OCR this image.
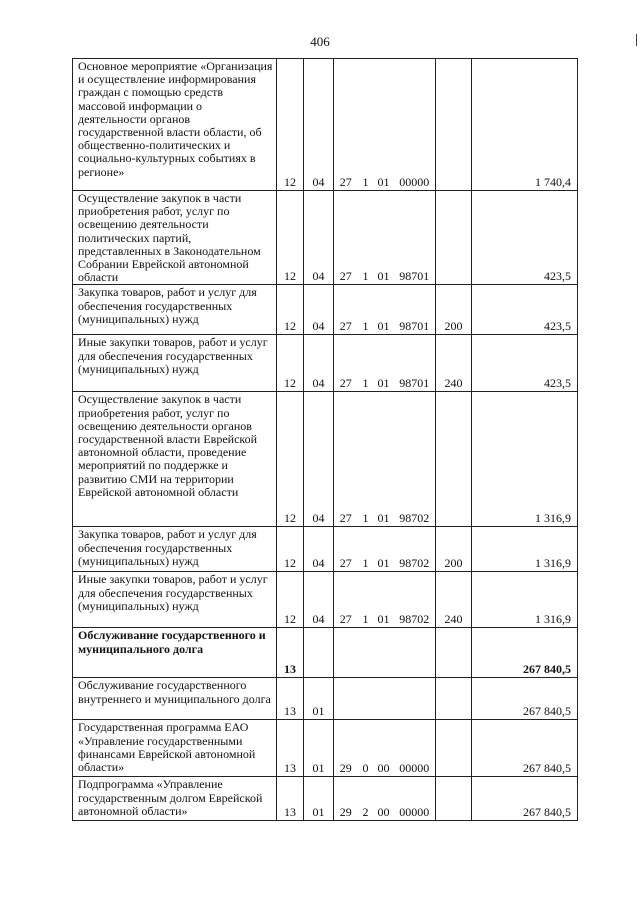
406
Основное мероприятие «Организация и осуществление информирования граждан с помощью средств массовой информации о деятельности органов государственной власти области, об общественно-политических и социально-культурных событиях в регионе»	12	04	27	1	01	00000		1 740,4

Осуществление закупок в части приобретения работ, услуг по освещению деятельности политических партий, представленных в Законодательном Собрании Еврейской автономной области	12	04	27	1	01	98701		423,5

Закупка товаров, работ и услуг для обеспечения государственных (муниципальных) нужд	12	04	27	1	01	98701	200	423,5

Иные закупки товаров, работ и услуг для обеспечения государственных (муниципальных) нужд	12	04	27	1	01	98701	240	423,5

Осуществление закупок в части приобретения работ, услуг по освещению деятельности органов государственной власти Еврейской автономной области, проведение мероприятий по поддержке и развитию СМИ на территории Еврейской автономной области	12	04	27	1	01	98702		1 316,9

Закупка товаров, работ и услуг для обеспечения государственных (муниципальных) нужд	12	04	27	1	01	98702	200	1 316,9

Иные закупки товаров, работ и услуг для обеспечения государственных (муниципальных) нужд	12	04	27	1	01	98702	240	1 316,9

Обслуживание государственного и муниципального долга	13							267 840,5

Обслуживание государственного внутреннего и муниципального долга	13	01						267 840,5

Государственная программа ЕАО «Управление государственными финансами Еврейской автономной области»	13	01	29	0	00	00000		267 840,5

Подпрограмма «Управление государственным долгом Еврейской автономной области»	13	01	29	2	00	00000		267 840,5
